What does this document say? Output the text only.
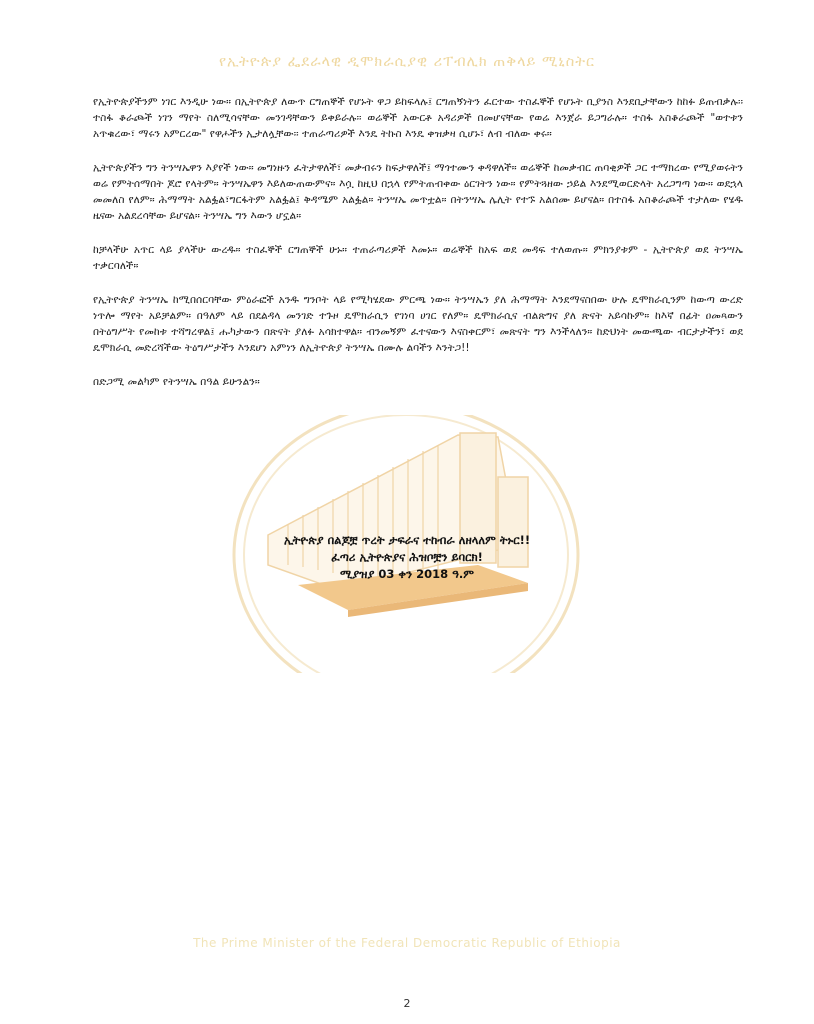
የኢትዮጵያ ፌደራላዊ ዲሞክራሲያዊ ሪፐብሊክ ጠቅላይ ሚኒስትር

የኢትዮጵያችንም ነገር እንዲሁ ነው። በኢትዮጵያ ለውጥ ርግጠኞች የሆኑት ዋጋ ይከፍላሉ፤ ርግጠኝነትን ፈርተው ተስፈኞች የሆኑት ቢያንስ እንደቢታቸውን ከከፉ ይጠብቃሉ፡፡ ተስፋ ቆራጮች ነገን ማየት ስለሚሳናቸው መንገዳቸውን ይቀይራሉ፡፡ ወሬኞች አውርቶ አዳሪዎች በመሆናቸው የወሬ እንጀራ ይጋግራሉ። ተስፋ አስቆራጮች "ወተቱን አጥቁረው፣ ማሩን አምርረው" የዋሖችን ኢታለሏቸው፡፡ ተጠራጣሪዎች እንዴ ትኩስ እንዴ ቀዝቃዛ ሲሆኑ፣ ለብ ብለው ቀሩ።

ኢትዮጵያችን ግን ትንሣኤዋን እያየች ነው። መግነዙን ፈትታዋለች፣ መቃብሩን ከፍታዋለች፤ ማጎተሙን ቀዳዋለች። ወሬኞች ከመቃብር ጠባቂዎች ጋር ተማክረው የሚያወሩትን ወሬ የምትሰማበት ጆሮ የላትም። ትንሣኤዋን እይለውጠውምና። እሷ ከዚህ በኋላ የምትጠብቀው ዕርገትን ነው። የምትጓዘው ኃይል እንደሚወርድላት አረጋግጣ ነው። ወደኋላ መመለስ የለም። ሕማማት አልፏል፣ግርፋትም አልፏል፤ ቅዳሜም አልፏል። ትንሣኤ መጥቷል። በትንሣኤ ሌሊት የተኙ አልሰሙ ይሆናል። በተስፋ አስቆራጮች ተታለው የሄዱ ዜናው አልደረሳቸው ይሆናል። ትንሣኤ ግን እውን ሆኗል።

ከቻላችሁ አጥር ላይ ያላችሁ ውረዱ። ተስፈኞች ርግጠኞች ሁኑ። ተጠራጣሪዎች እመኑ። ወሬኞች ከአፍ ወደ መዳፍ ተለወጡ። ምክንያቱም - ኢትዮጵያ ወደ ትንሣኤ ተቃርባለች።

የኢትዮጵያ ትንሣኤ ከሚበሰርባቸው ምዕራፎች አንዱ ግንቦት ላይ የሚካሄደው ምርጫ ነው። ትንሣኤን ያለ ሕማማት እንደማናስበው ሁሉ ዴሞክራሲንም ከውጣ ውረድ ነጥሎ ማየት አይቻልም። በዓለም ላይ በደልዳላ መንገድ ተጉዞ ዴሞክራሲን የገነባ ሀገር የለም። ዴሞክራሲና ብልጽግና ያለ ጽናት አይሳኩም። ከእኛ በፊት ዐመጻውን በትዕግሥት የመከቱ ተሻግረዋል፤ ሑካታውን በጽናት ያለፉ አሳክተዋል። ብንመኝም ፈተናውን እናስቀርም፣ መጽናት ግን እንችላለን። ከድህነት መውጫው ብርታታችን፣ ወደ ዴሞክራሲ መድረሻችው ትዕግሥታችን እንደሆነ አምነን ለኢትዮጵያ ትንሣኤ በሙሉ ልባችን እንትጋ!!

በድጋሚ መልካም የትንሣኤ በዓል ይሁንልን።

ኢትዮጵያ በልጆቿ ጥረት ታፍራና ተከብራ ለዘላለም ትኑር!!
ፈጣሪ ኢትዮጵያና ሕዝቦቿን ይባርክ!
ሚያዝያ 03 ቀን 2018 ዓ.ም
The Prime Minister of the Federal Democratic Republic of Ethiopia
2
